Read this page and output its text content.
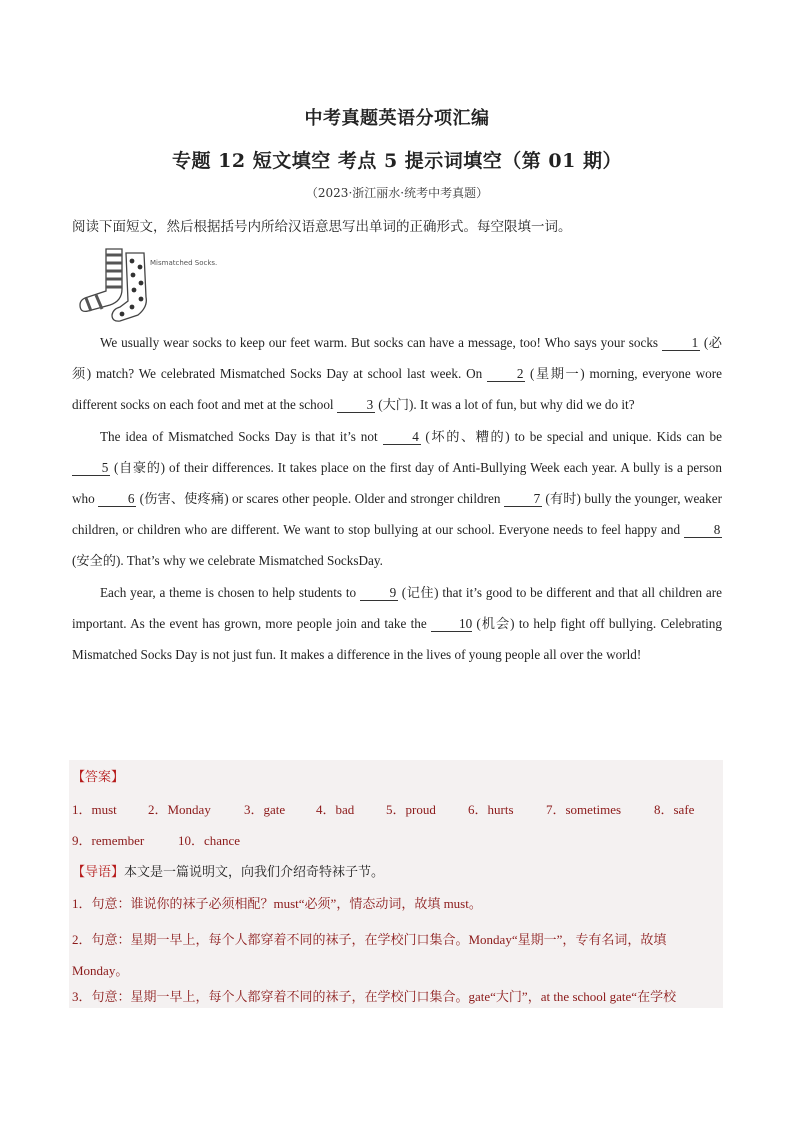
中考真题英语分项汇编
专题 12 短文填空 考点 5 提示词填空（第 01 期）
（2023·浙江丽水·统考中考真题）
阅读下面短文，然后根据括号内所给汉语意思写出单词的正确形式。每空限填一词。
Mismatched Socks.

We usually wear socks to keep our feet warm. But socks can have a message, too! Who says your socks 1 (必须) match? We celebrated Mismatched Socks Day at school last week. On 2 (星期一) morning, everyone wore different socks on each foot and met at the school 3 (大门). It was a lot of fun, but why did we do it?

The idea of Mismatched Socks Day is that it’s not 4 (坏的、糟的) to be special and unique. Kids can be 5 (自豪的) of their differences. It takes place on the first day of Anti-Bullying Week each year. A bully is a person who 6 (伤害、使疼痛) or scares other people. Older and stronger children 7 (有时) bully the younger, weaker children, or children who are different. We want to stop bullying at our school. Everyone needs to feel happy and 8 (安全的). That’s why we celebrate Mismatched SocksDay.

Each year, a theme is chosen to help students to 9 (记住) that it’s good to be different and that all children are important. As the event has grown, more people join and take the 10 (机会) to help fight off bullying. Celebrating Mismatched Socks Day is not just fun. It makes a difference in the lives of young people all over the world!

【答案】
1．must 2．Monday	3．gate 4．bad 5．proud 6．hurts 7．sometimes	8．safe
9．remember	10．chance
【导语】本文是一篇说明文，向我们介绍奇特袜子节。
1．句意：谁说你的袜子必须相配？must“必须”，情态动词，故填 must。
2．句意：星期一早上，每个人都穿着不同的袜子，在学校门口集合。Monday“星期一”，专有名词，故填 Monday。
3．句意：星期一早上，每个人都穿着不同的袜子，在学校门口集合。gate“大门”，at the school gate“在学校
